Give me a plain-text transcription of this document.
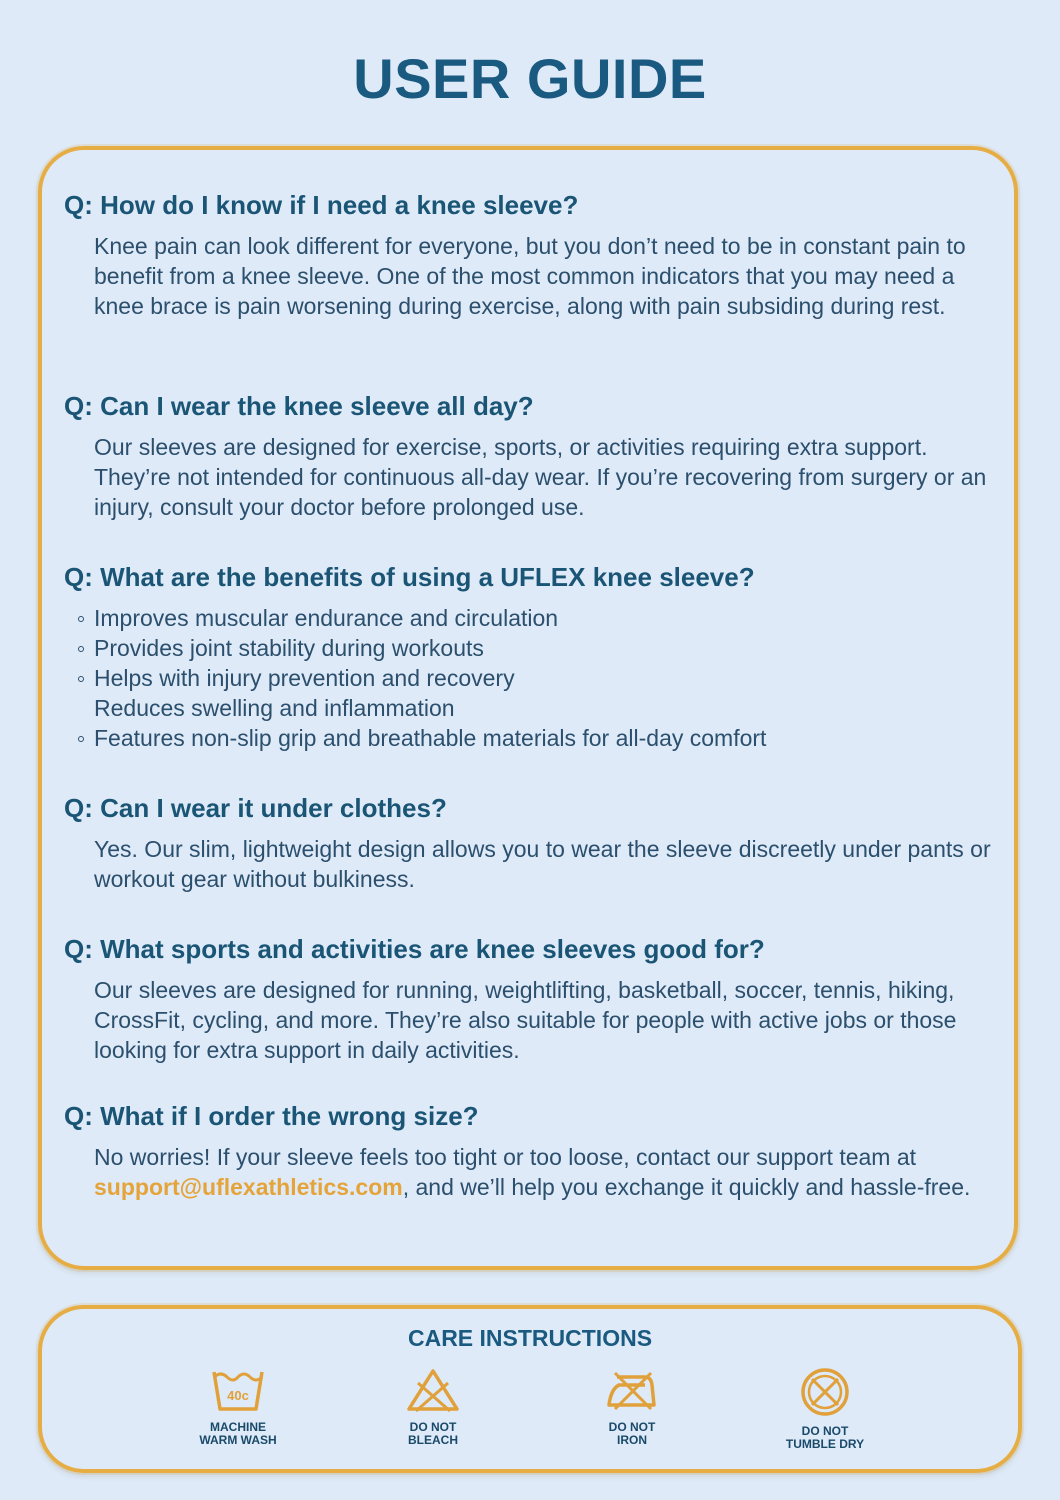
USER GUIDE
Q: How do I know if I need a knee sleeve?

Knee pain can look different for everyone, but you don’t need to be in constant pain to benefit from a knee sleeve. One of the most common indicators that you may need a knee brace is pain worsening during exercise, along with pain subsiding during rest.

Q: Can I wear the knee sleeve all day?

Our sleeves are designed for exercise, sports, or activities requiring extra support. They’re not intended for continuous all-day wear. If you’re recovering from surgery or an injury, consult your doctor before prolonged use.

Q: What are the benefits of using a UFLEX knee sleeve?
Improves muscular endurance and circulation
Provides joint stability during workouts
Helps with injury prevention and recovery
Reduces swelling and inflammation
Features non-slip grip and breathable materials for all-day comfort
Q: Can I wear it under clothes?

Yes. Our slim, lightweight design allows you to wear the sleeve discreetly under pants or workout gear without bulkiness.

Q: What sports and activities are knee sleeves good for?

Our sleeves are designed for running, weightlifting, basketball, soccer, tennis, hiking, CrossFit, cycling, and more. They’re also suitable for people with active jobs or those looking for extra support in daily activities.

Q: What if I order the wrong size?

No worries! If your sleeve feels too tight or too loose, contact our support team at support@uflexathletics.com, and we’ll help you exchange it quickly and hassle-free.

CARE INSTRUCTIONS
40c
MACHINE
WARM WASH
DO NOT
BLEACH
DO NOT
IRON
DO NOT
TUMBLE DRY
